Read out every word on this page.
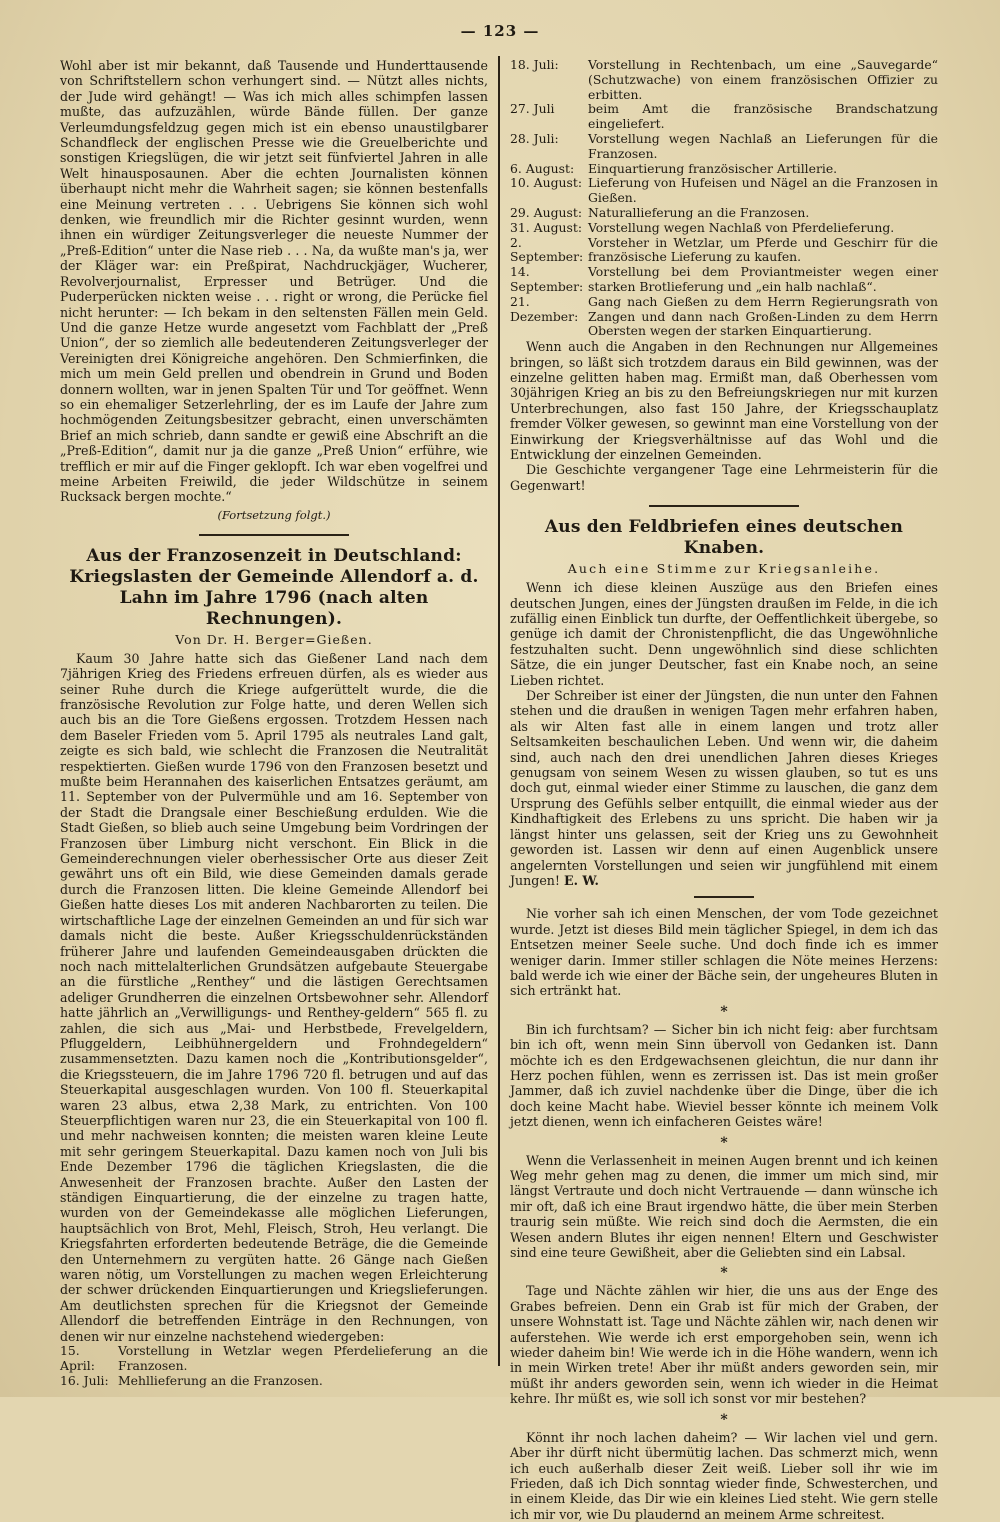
— 123 —

Wohl aber ist mir bekannt, daß Tausende und Hunderttausende von Schriftstellern schon verhungert sind. — Nützt alles nichts, der Jude wird gehängt! — Was ich mich alles schimpfen lassen mußte, das aufzuzählen, würde Bände füllen. Der ganze Verleumdungsfeldzug gegen mich ist ein ebenso unaustilgbarer Schandfleck der englischen Presse wie die Greuelberichte und sonstigen Kriegslügen, die wir jetzt seit fünfviertel Jahren in alle Welt hinausposaunen. Aber die echten Journalisten können überhaupt nicht mehr die Wahrheit sagen; sie können bestenfalls eine Meinung vertreten . . . Uebrigens Sie können sich wohl denken, wie freundlich mir die Richter gesinnt wurden, wenn ihnen ein würdiger Zeitungsverleger die neueste Nummer der „Preß-Edition“ unter die Nase rieb . . . Na, da wußte man's ja, wer der Kläger war: ein Preßpirat, Nachdruckjäger, Wucherer, Revolverjournalist, Erpresser und Betrüger. Und die Puderperücken nickten weise . . . right or wrong, die Perücke fiel nicht herunter: — Ich bekam in den seltensten Fällen mein Geld. Und die ganze Hetze wurde angesetzt vom Fachblatt der „Preß Union“, der so ziemlich alle bedeutenderen Zeitungsverleger der Vereinigten drei Königreiche angehören. Den Schmierfinken, die mich um mein Geld prellen und obendrein in Grund und Boden donnern wollten, war in jenen Spalten Tür und Tor geöffnet. Wenn so ein ehemaliger Setzerlehrling, der es im Laufe der Jahre zum hochmögenden Zeitungsbesitzer gebracht, einen unverschämten Brief an mich schrieb, dann sandte er gewiß eine Abschrift an die „Preß-Edition“, damit nur ja die ganze „Preß Union“ erführe, wie trefflich er mir auf die Finger geklopft. Ich war eben vogelfrei und meine Arbeiten Freiwild, die jeder Wildschütze in seinem Rucksack bergen mochte.“

(Fortsetzung folgt.)

Aus der Franzosenzeit in Deutschland: Kriegslasten der Gemeinde Allendorf a. d. Lahn im Jahre 1796 (nach alten Rechnungen).
Von Dr. H. Berger=Gießen.

Kaum 30 Jahre hatte sich das Gießener Land nach dem 7jährigen Krieg des Friedens erfreuen dürfen, als es wieder aus seiner Ruhe durch die Kriege aufgerüttelt wurde, die die französische Revolution zur Folge hatte, und deren Wellen sich auch bis an die Tore Gießens ergossen. Trotzdem Hessen nach dem Baseler Frieden vom 5. April 1795 als neutrales Land galt, zeigte es sich bald, wie schlecht die Franzosen die Neutralität respektierten. Gießen wurde 1796 von den Franzosen besetzt und mußte beim Herannahen des kaiserlichen Entsatzes geräumt, am 11. September von der Pulvermühle und am 16. September von der Stadt die Drangsale einer Beschießung erdulden. Wie die Stadt Gießen, so blieb auch seine Umgebung beim Vordringen der Franzosen über Limburg nicht verschont. Ein Blick in die Gemeinderechnungen vieler oberhessischer Orte aus dieser Zeit gewährt uns oft ein Bild, wie diese Gemeinden damals gerade durch die Franzosen litten. Die kleine Gemeinde Allendorf bei Gießen hatte dieses Los mit anderen Nachbarorten zu teilen. Die wirtschaftliche Lage der einzelnen Gemeinden an und für sich war damals nicht die beste. Außer Kriegsschuldenrückständen früherer Jahre und laufenden Gemeindeausgaben drückten die noch nach mittelalterlichen Grundsätzen aufgebaute Steuergabe an die fürstliche „Renthey“ und die lästigen Gerechtsamen adeliger Grundherren die einzelnen Ortsbewohner sehr. Allendorf hatte jährlich an „Verwilligungs- und Renthey-geldern“ 565 fl. zu zahlen, die sich aus „Mai- und Herbstbede, Frevelgeldern, Pfluggeldern, Leibhühnergeldern und Frohndegeldern“ zusammensetzten. Dazu kamen noch die „Kontributionsgelder“, die Kriegssteuern, die im Jahre 1796 720 fl. betrugen und auf das Steuerkapital ausgeschlagen wurden. Von 100 fl. Steuerkapital waren 23 albus, etwa 2,38 Mark, zu entrichten. Von 100 Steuerpflichtigen waren nur 23, die ein Steuerkapital von 100 fl. und mehr nachweisen konnten; die meisten waren kleine Leute mit sehr geringem Steuerkapital. Dazu kamen noch von Juli bis Ende Dezember 1796 die täglichen Kriegslasten, die die Anwesenheit der Franzosen brachte. Außer den Lasten der ständigen Einquartierung, die der einzelne zu tragen hatte, wurden von der Gemeindekasse alle möglichen Lieferungen, hauptsächlich von Brot, Mehl, Fleisch, Stroh, Heu verlangt. Die Kriegsfahrten erforderten bedeutende Beträge, die die Gemeinde den Unternehmern zu vergüten hatte. 26 Gänge nach Gießen waren nötig, um Vorstellungen zu machen wegen Erleichterung der schwer drückenden Einquartierungen und Kriegslieferungen. Am deutlichsten sprechen für die Kriegsnot der Gemeinde Allendorf die betreffenden Einträge in den Rechnungen, von denen wir nur einzelne nachstehend wiedergeben:

15. April:
Vorstellung in Wetzlar wegen Pferdelieferung an die Franzosen.
16. Juli: Mehllieferung an die Franzosen.
18. Juli:	Vorstellung in Rechtenbach, um eine „Sauvegarde“ (Schutzwache) von einem französischen Offizier zu erbitten.
27. Juli	beim Amt die französische Brandschatzung eingeliefert.
28. Juli:	Vorstellung wegen Nachlaß an Lieferungen für die Franzosen.
6. August:	Einquartierung französischer Artillerie.
10. August: Lieferung von Hufeisen und Nägel an die Franzosen in Gießen.
29. August: Naturallieferung an die Franzosen.
31. August: Vorstellung wegen Nachlaß von Pferdelieferung.
2. September:
Vorsteher in Wetzlar, um Pferde und Geschirr für die französische Lieferung zu kaufen.
14. September:
Vorstellung bei dem Proviantmeister wegen einer starken Brotlieferung und „ein halb nachlaß“.
21. Dezember:
Gang nach Gießen zu dem Herrn Regierungsrath von Zangen und dann nach Großen-Linden zu dem Herrn Obersten wegen der starken Einquartierung.

Wenn auch die Angaben in den Rechnungen nur Allgemeines bringen, so läßt sich trotzdem daraus ein Bild gewinnen, was der einzelne gelitten haben mag. Ermißt man, daß Oberhessen vom 30jährigen Krieg an bis zu den Befreiungskriegen nur mit kurzen Unterbrechungen, also fast 150 Jahre, der Kriegsschauplatz fremder Völker gewesen, so gewinnt man eine Vorstellung von der Einwirkung der Kriegsverhältnisse auf das Wohl und die Entwicklung der einzelnen Gemeinden.

Die Geschichte vergangener Tage eine Lehrmeisterin für die Gegenwart!

Aus den Feldbriefen eines deutschen Knaben.
Auch eine Stimme zur Kriegsanleihe.

Wenn ich diese kleinen Auszüge aus den Briefen eines deutschen Jungen, eines der Jüngsten draußen im Felde, in die ich zufällig einen Einblick tun durfte, der Oeffentlichkeit übergebe, so genüge ich damit der Chronistenpflicht, die das Ungewöhnliche festzuhalten sucht. Denn ungewöhnlich sind diese schlichten Sätze, die ein junger Deutscher, fast ein Knabe noch, an seine Lieben richtet.

Der Schreiber ist einer der Jüngsten, die nun unter den Fahnen stehen und die draußen in wenigen Tagen mehr erfahren haben, als wir Alten fast alle in einem langen und trotz aller Seltsamkeiten beschaulichen Leben. Und wenn wir, die daheim sind, auch nach den drei unendlichen Jahren dieses Krieges genugsam von seinem Wesen zu wissen glauben, so tut es uns doch gut, einmal wieder einer Stimme zu lauschen, die ganz dem Ursprung des Gefühls selber entquillt, die einmal wieder aus der Kindhaftigkeit des Erlebens zu uns spricht. Die haben wir ja längst hinter uns gelassen, seit der Krieg uns zu Gewohnheit geworden ist. Lassen wir denn auf einen Augenblick unsere angelernten Vorstellungen und seien wir jungfühlend mit einem Jungen! E. W.

Nie vorher sah ich einen Menschen, der vom Tode gezeichnet wurde. Jetzt ist dieses Bild mein täglicher Spiegel, in dem ich das Entsetzen meiner Seele suche. Und doch finde ich es immer weniger darin. Immer stiller schlagen die Nöte meines Herzens: bald werde ich wie einer der Bäche sein, der ungeheures Bluten in sich ertränkt hat.

*

Bin ich furchtsam? — Sicher bin ich nicht feig: aber furchtsam bin ich oft, wenn mein Sinn übervoll von Gedanken ist. Dann möchte ich es den Erdgewachsenen gleichtun, die nur dann ihr Herz pochen fühlen, wenn es zerrissen ist. Das ist mein großer Jammer, daß ich zuviel nachdenke über die Dinge, über die ich doch keine Macht habe. Wieviel besser könnte ich meinem Volk jetzt dienen, wenn ich einfacheren Geistes wäre!

*

Wenn die Verlassenheit in meinen Augen brennt und ich keinen Weg mehr gehen mag zu denen, die immer um mich sind, mir längst Vertraute und doch nicht Vertrauende — dann wünsche ich mir oft, daß ich eine Braut irgendwo hätte, die über mein Sterben traurig sein müßte. Wie reich sind doch die Aermsten, die ein Wesen andern Blutes ihr eigen nennen! Eltern und Geschwister sind eine teure Gewißheit, aber die Geliebten sind ein Labsal.

*

Tage und Nächte zählen wir hier, die uns aus der Enge des Grabes befreien. Denn ein Grab ist für mich der Graben, der unsere Wohnstatt ist. Tage und Nächte zählen wir, nach denen wir auferstehen. Wie werde ich erst emporgehoben sein, wenn ich wieder daheim bin! Wie werde ich in die Höhe wandern, wenn ich in mein Wirken trete! Aber ihr müßt anders geworden sein, mir müßt ihr anders geworden sein, wenn ich wieder in die Heimat kehre. Ihr müßt es, wie soll ich sonst vor mir bestehen?

*

Könnt ihr noch lachen daheim? — Wir lachen viel und gern. Aber ihr dürft nicht übermütig lachen. Das schmerzt mich, wenn ich euch außerhalb dieser Zeit weiß. Lieber soll ihr wie im Frieden, daß ich Dich sonntag wieder finde, Schwesterchen, und in einem Kleide, das Dir wie ein kleines Lied steht. Wie gern stelle ich mir vor, wie Du plaudernd an meinem Arme schreitest.
